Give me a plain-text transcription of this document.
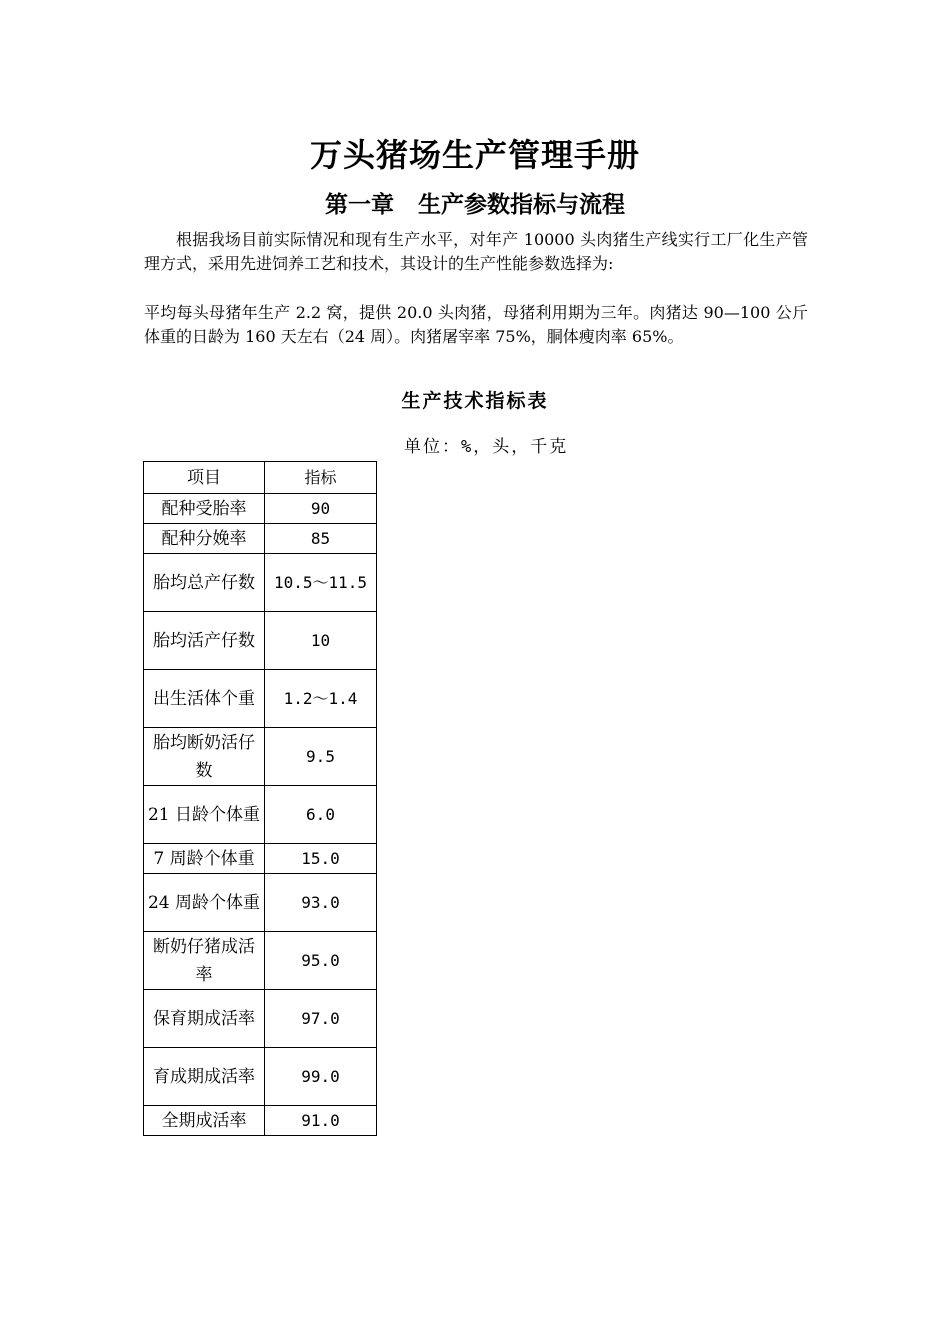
万头猪场生产管理手册
第一章   生产参数指标与流程

根据我场目前实际情况和现有生产水平，对年产 10000 头肉猪生产线实行工厂化生产管理方式，采用先进饲养工艺和技术，其设计的生产性能参数选择为:

平均每头母猪年生产 2.2 窝，提供 20.0 头肉猪，母猪利用期为三年。肉猪达 90—100 公斤体重的日龄为 160 天左右（24 周）。肉猪屠宰率 75%，胴体瘦肉率 65%。

生产技术指标表
单位：%，头，千克
项目	指标
配种受胎率	90
配种分娩率	85
胎均总产仔数	10.5～11.5
胎均活产仔数	10
出生活体个重	1.2～1.4
胎均断奶活仔数	9.5
21 日龄个体重	6.0
7 周龄个体重	15.0
24 周龄个体重	93.0
断奶仔猪成活率	95.0
保育期成活率	97.0
育成期成活率	99.0
全期成活率	91.0
